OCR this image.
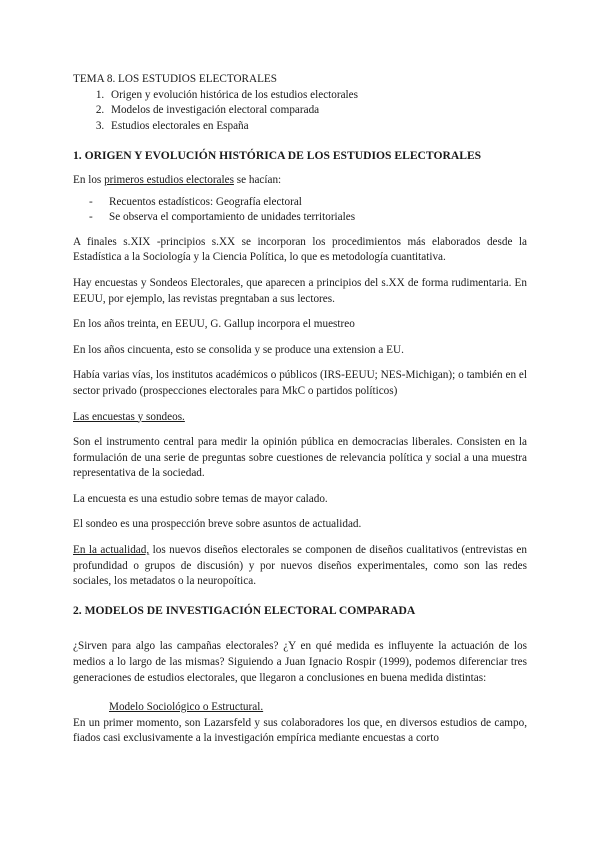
TEMA 8. LOS ESTUDIOS ELECTORALES

1. Origen y evolución histórica de los estudios electorales
2. Modelos de investigación electoral comparada
3. Estudios electorales en España
1. ORIGEN Y EVOLUCIÓN HISTÓRICA DE LOS ESTUDIOS ELECTORALES

En los primeros estudios electorales se hacían:

- Recuentos estadísticos: Geografía electoral
- Se observa el comportamiento de unidades territoriales

A finales s.XIX -principios s.XX se incorporan los procedimientos más elaborados desde la Estadística a la Sociología y la Ciencia Política, lo que es metodología cuantitativa.

Hay encuestas y Sondeos Electorales, que aparecen a principios del s.XX de forma rudimentaria. En EEUU, por ejemplo, las revistas pregntaban a sus lectores.

En los años treinta, en EEUU, G. Gallup incorpora el muestreo

En los años cincuenta, esto se consolida y se produce una extension a EU.

Había varias vías, los institutos académicos o públicos (IRS-EEUU; NES-Michigan); o también en el sector privado (prospecciones electorales para MkC o partidos políticos)

Las encuestas y sondeos.

Son el instrumento central para medir la opinión pública en democracias liberales. Consisten en la formulación de una serie de preguntas sobre cuestiones de relevancia política y social a una muestra representativa de la sociedad.

La encuesta es una estudio sobre temas de mayor calado.

El sondeo es una prospección breve sobre asuntos de actualidad.

En la actualidad, los nuevos diseños electorales se componen de diseños cualitativos (entrevistas en profundidad o grupos de discusión) y por nuevos diseños experimentales, como son las redes sociales, los metadatos o la neuropoítica.

2. MODELOS DE INVESTIGACIÓN ELECTORAL COMPARADA

¿Sirven para algo las campañas electorales? ¿Y en qué medida es influyente la actuación de los medios a lo largo de las mismas? Siguiendo a Juan Ignacio Rospir (1999), podemos diferenciar tres generaciones de estudios electorales, que llegaron a conclusiones en buena medida distintas:

Modelo Sociológico o Estructural.

En un primer momento, son Lazarsfeld y sus colaboradores los que, en diversos estudios de campo, fiados casi exclusivamente a la investigación empírica mediante encuestas a corto
